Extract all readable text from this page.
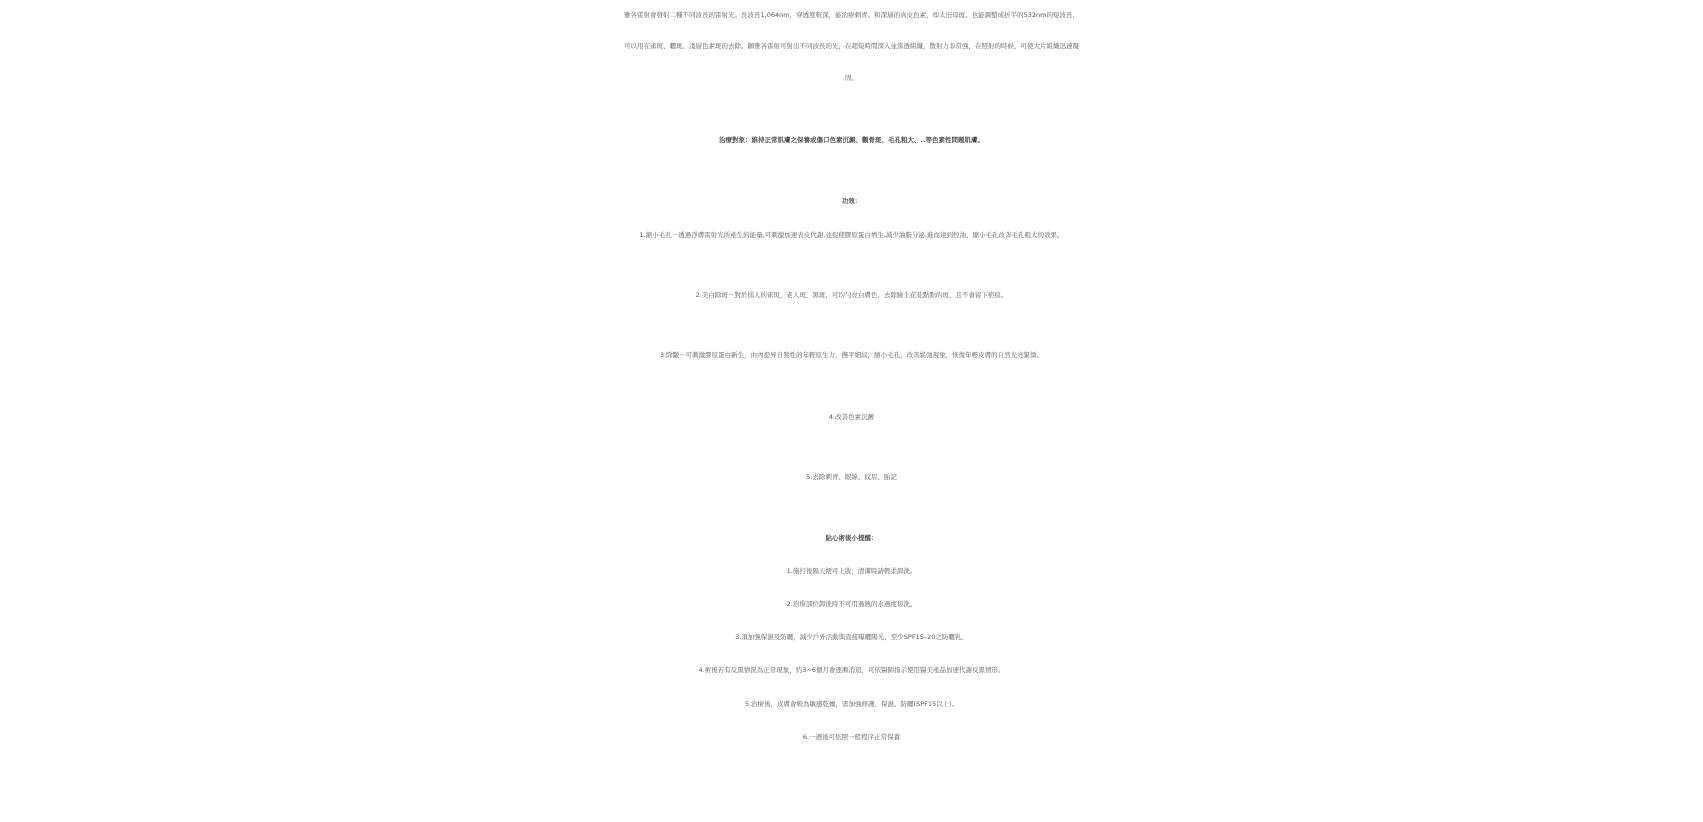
雅各雷射會發射二種不同波長的雷射光。長波長1,064nm，穿透度較深，能治療刺青、和深層的真皮色素、如太田母斑。也能調整成折半的532nm的短波長，
可以用在雀斑、曬斑、淺層色素斑的去除。銣雅各雷射可射出不同波長的光，在超短時間深入並滲透組織，散射力非常強，在照射的時候，可使大片組織迅速凝
固。
治療對象：維持正常肌膚之保養或傷口色素沉澱、顴骨斑、毛孔粗大、..等色素性問題肌膚。
功效：
1.縮小毛孔－透過淨膚雷射光所產生的能量,可刺激加速表皮代謝,並促使膠原蛋白增生,減少油脂分泌,進而達到控油、縮小毛孔改善毛孔粗大的效果。
2.美白除斑－對於惱人的雀斑，老人斑，黑斑，可均勻亮白膚色，去除臉上花花點點的斑，且不會留下疤痕。
3.除皺－可刺激膠原蛋白新生，由內提昇自發性的年輕原生力，撫平細紋，縮小毛孔，改善鬆弛現象，恢復年輕皮膚的自然光亮緊緻。
4.改善色素沉澱
5.去除刺青、眼線、紋眉、胎記
貼心術後小提醒：
1.施打後隔天便可上妝，清潔時請輕柔卸洗。
2.治療部位卸洗時不可用過熱的水過度搓洗。
3.須加強保濕及防曬，減少戶外活動與直接曝曬陽光，至少SPF15–20之防曬乳。
4.術後若有反黑情況為正常現象，約3~6個月會逐漸消退，可依醫師指示使用醫美產品加速代謝反黑情形。
5.治療後，皮膚會較為敏感乾燥，需加強修護、保濕、防曬(SPF15以上)。
6.一週後可依照一般程序正常保養
